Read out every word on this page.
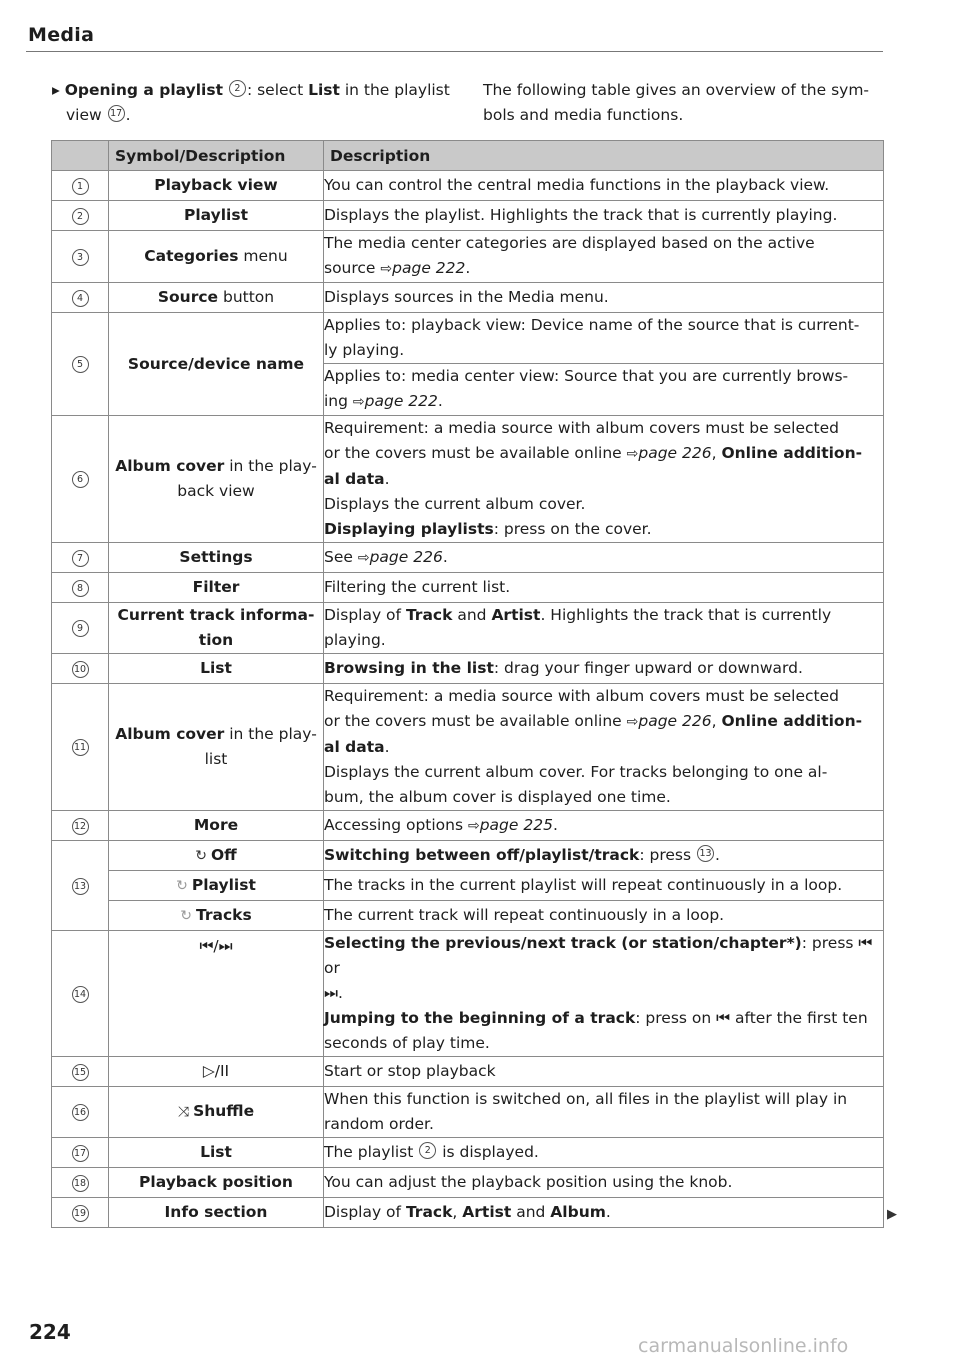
Media
▸ Opening a playlist 2 : select List in the playlist
view 17 .
The following table gives an overview of the sym-
bols and media functions.
	Symbol/Description	Description
1	Playback view	You can control the central media functions in the playback view.
2	Playlist	Displays the playlist. Highlights the track that is currently playing.
3	Categories menu	The media center categories are displayed based on the active
source ⇨page 222.
4	Source button	Displays sources in the Media menu.
5	Source/device name	Applies to: playback view: Device name of the source that is current-
ly playing.
		Applies to: media center view: Source that you are currently brows-
ing ⇨page 222.
6	Album cover in the play-
back view	Requirement: a media source with album covers must be selected
or the covers must be available online ⇨page 226, Online addition-
al data.
Displays the current album cover.
Displaying playlists: press on the cover.
7	Settings	See ⇨page 226.
8	Filter	Filtering the current list.
9	Current track informa-
tion	Display of Track and Artist. Highlights the track that is currently
playing.
10	List	Browsing in the list: drag your finger upward or downward.
11	Album cover in the play-
list	Requirement: a media source with album covers must be selected
or the covers must be available online ⇨page 226, Online addition-
al data.
Displays the current album cover. For tracks belonging to one al-
bum, the album cover is displayed one time.
12	More	Accessing options ⇨page 225.
13	↻ Off	Switching between off/playlist/track: press 13 .
	↻ Playlist	The tracks in the current playlist will repeat continuously in a loop.
	↻ Tracks	The current track will repeat continuously in a loop.
14	⏮/⏭	Selecting the previous/next track (or station/chapter*): press ⏮ or
⏭.
Jumping to the beginning of a track: press on ⏮ after the first ten
seconds of play time.
15	▷/II	Start or stop playback
16	⤨ Shuffle	When this function is switched on, all files in the playlist will play in
random order.
17	List	The playlist 2 is displayed.
18	Playback position	You can adjust the playback position using the knob.
19	Info section	Display of Track, Artist and Album.	▶
224
carmanualsonline.info
